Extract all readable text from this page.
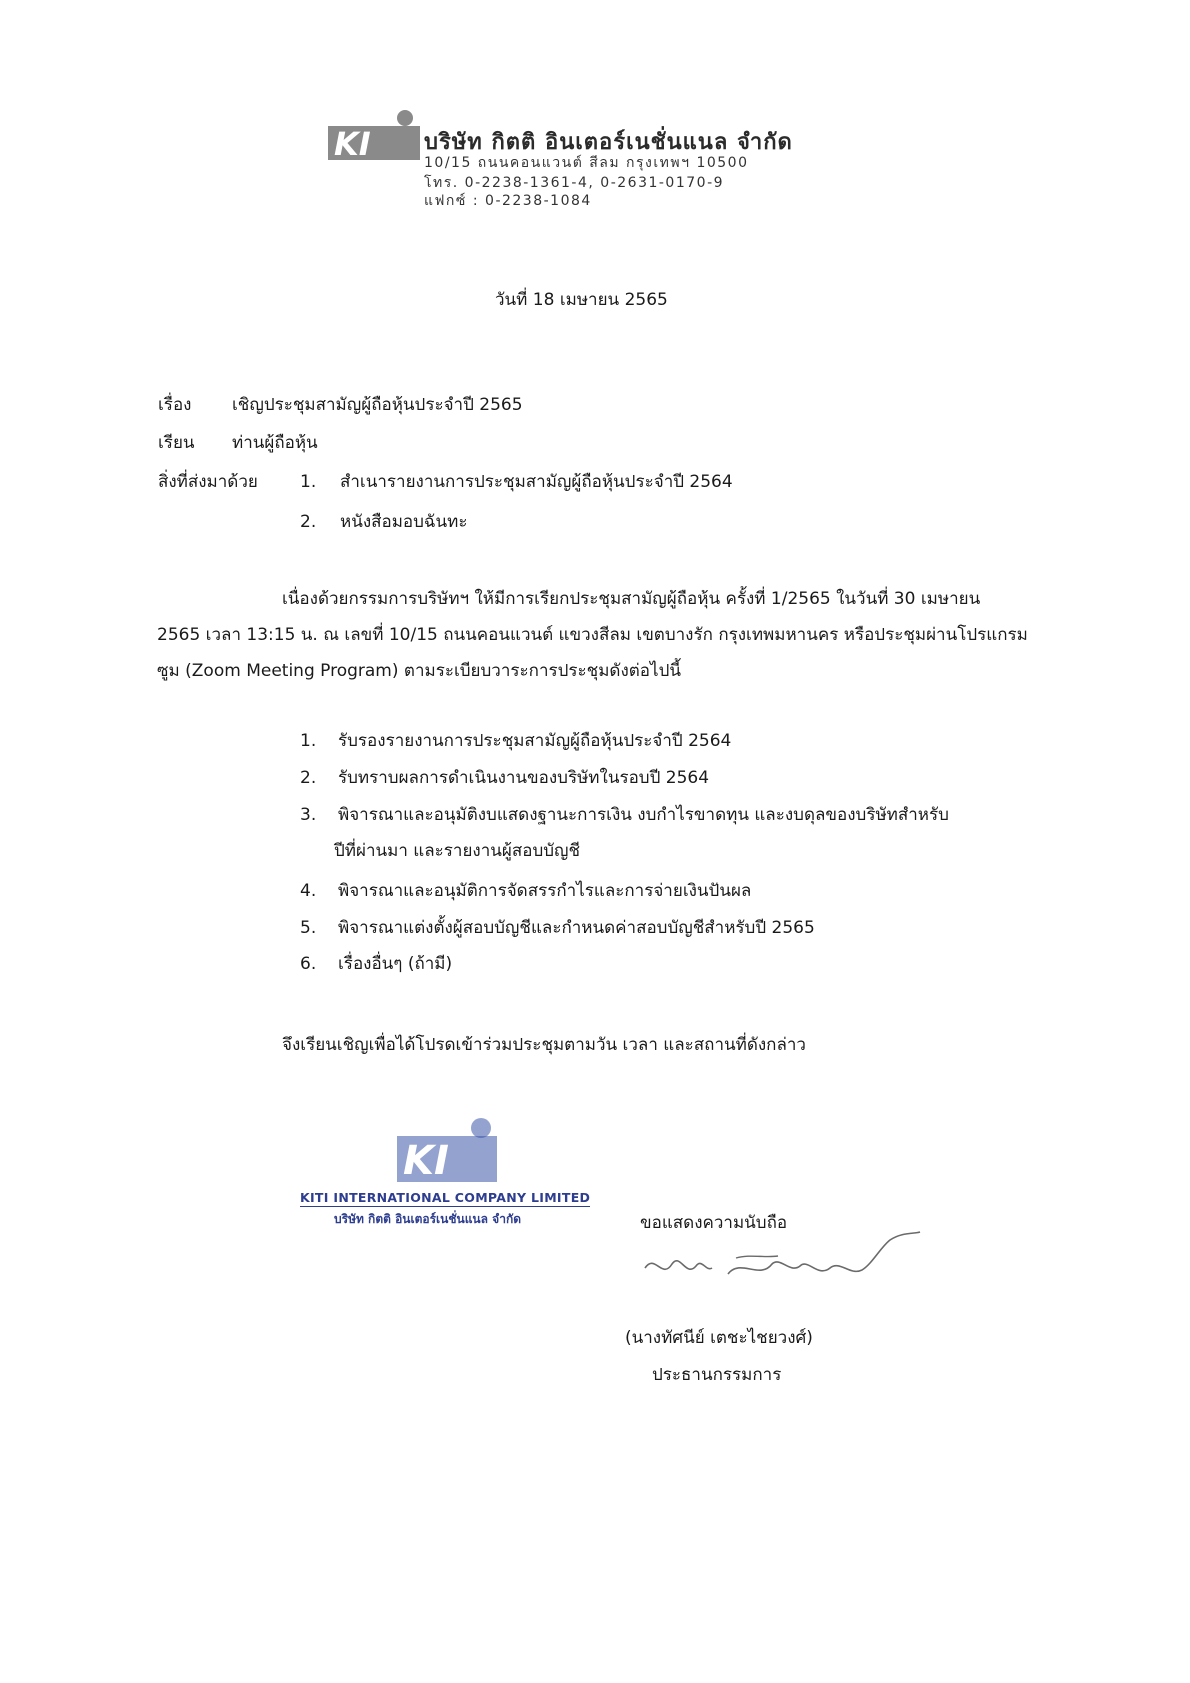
KI บริษัท กิตติ อินเตอร์เนชั่นแนล จำกัด
10/15 ถนนคอนแวนต์ สีลม กรุงเทพฯ 10500
โทร. 0-2238-1361-4, 0-2631-0170-9
แฟกซ์ : 0-2238-1084
วันที่ 18 เมษายน 2565
เรื่อง เชิญประชุมสามัญผู้ถือหุ้นประจำปี 2565
เรียน ท่านผู้ถือหุ้น
สิ่งที่ส่งมาด้วย 1.	สำเนารายงานการประชุมสามัญผู้ถือหุ้นประจำปี 2564
2.	หนังสือมอบฉันทะ
เนื่องด้วยกรรมการบริษัทฯ ให้มีการเรียกประชุมสามัญผู้ถือหุ้น ครั้งที่ 1/2565 ในวันที่ 30 เมษายน
2565 เวลา 13:15 น. ณ เลขที่ 10/15 ถนนคอนแวนต์ แขวงสีลม เขตบางรัก กรุงเทพมหานคร หรือประชุมผ่านโปรแกรม
ซูม (Zoom Meeting Program) ตามระเบียบวาระการประชุมดังต่อไปนี้
1.	รับรองรายงานการประชุมสามัญผู้ถือหุ้นประจำปี 2564
2.	รับทราบผลการดำเนินงานของบริษัทในรอบปี 2564
3.	พิจารณาและอนุมัติงบแสดงฐานะการเงิน งบกำไรขาดทุน และงบดุลของบริษัทสำหรับ
ปีที่ผ่านมา และรายงานผู้สอบบัญชี
4.	พิจารณาและอนุมัติการจัดสรรกำไรและการจ่ายเงินปันผล
5.	พิจารณาแต่งตั้งผู้สอบบัญชีและกำหนดค่าสอบบัญชีสำหรับปี 2565
6.	เรื่องอื่นๆ (ถ้ามี)
จึงเรียนเชิญเพื่อได้โปรดเข้าร่วมประชุมตามวัน เวลา และสถานที่ดังกล่าว
KI
KITI INTERNATIONAL COMPANY LIMITED
บริษัท กิตติ อินเตอร์เนชั่นแนล จำกัด	ขอแสดงความนับถือ
(นางทัศนีย์ เตชะไชยวงศ์)
ประธานกรรมการ
